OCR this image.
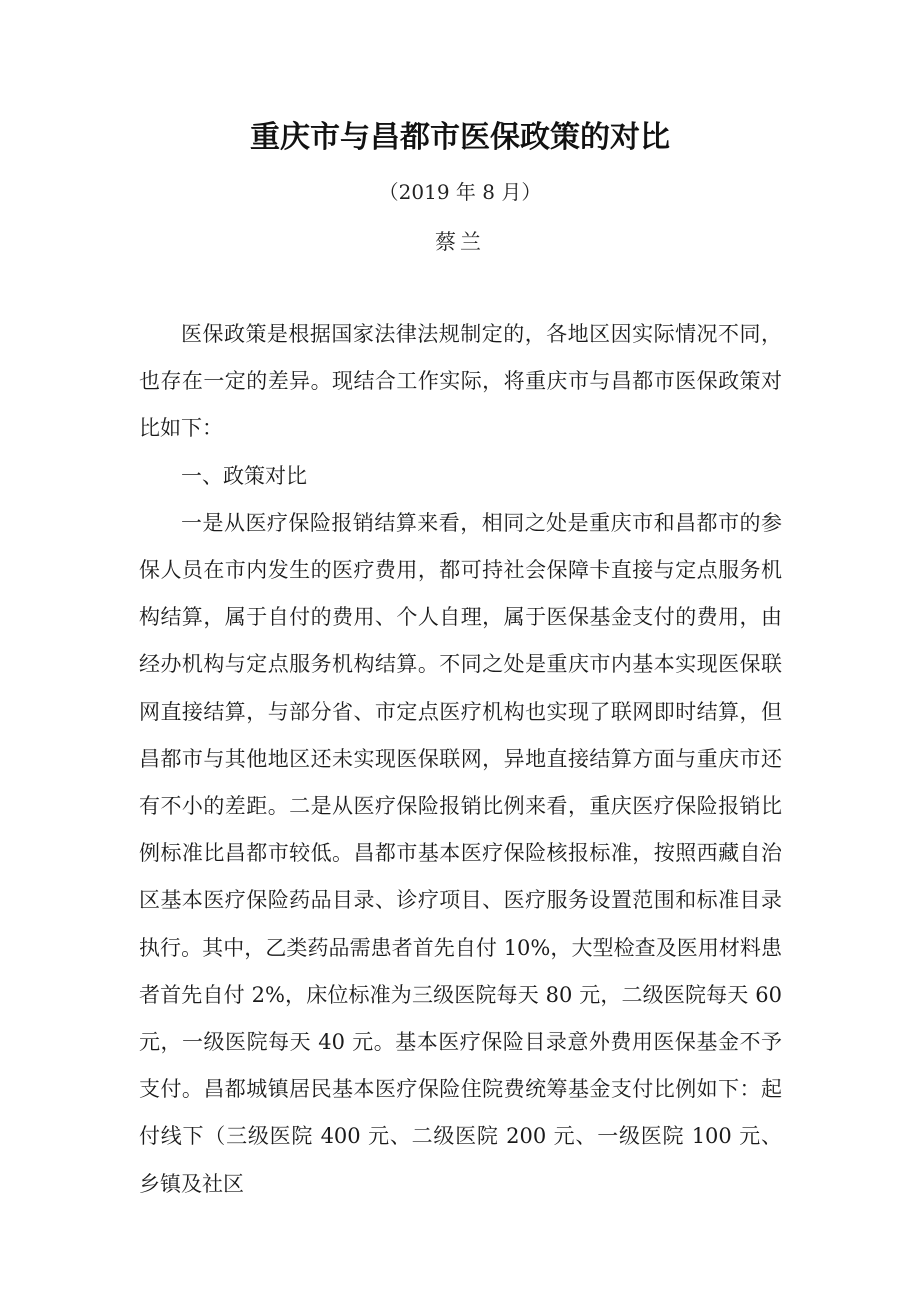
重庆市与昌都市医保政策的对比
（2019 年 8 月）
蔡兰

医保政策是根据国家法律法规制定的，各地区因实际情况不同，也存在一定的差异。现结合工作实际，将重庆市与昌都市医保政策对比如下：

一、政策对比

一是从医疗保险报销结算来看，相同之处是重庆市和昌都市的参保人员在市内发生的医疗费用，都可持社会保障卡直接与定点服务机构结算，属于自付的费用、个人自理，属于医保基金支付的费用，由经办机构与定点服务机构结算。不同之处是重庆市内基本实现医保联网直接结算，与部分省、市定点医疗机构也实现了联网即时结算，但昌都市与其他地区还未实现医保联网，异地直接结算方面与重庆市还有不小的差距。二是从医疗保险报销比例来看，重庆医疗保险报销比例标准比昌都市较低。昌都市基本医疗保险核报标准，按照西藏自治区基本医疗保险药品目录、诊疗项目、医疗服务设置范围和标准目录执行。其中，乙类药品需患者首先自付 10%，大型检查及医用材料患者首先自付 2%，床位标准为三级医院每天 80 元，二级医院每天 60 元，一级医院每天 40 元。基本医疗保险目录意外费用医保基金不予支付。昌都城镇居民基本医疗保险住院费统筹基金支付比例如下：起付线下（三级医院 400 元、二级医院 200 元、一级医院 100 元、乡镇及社区
